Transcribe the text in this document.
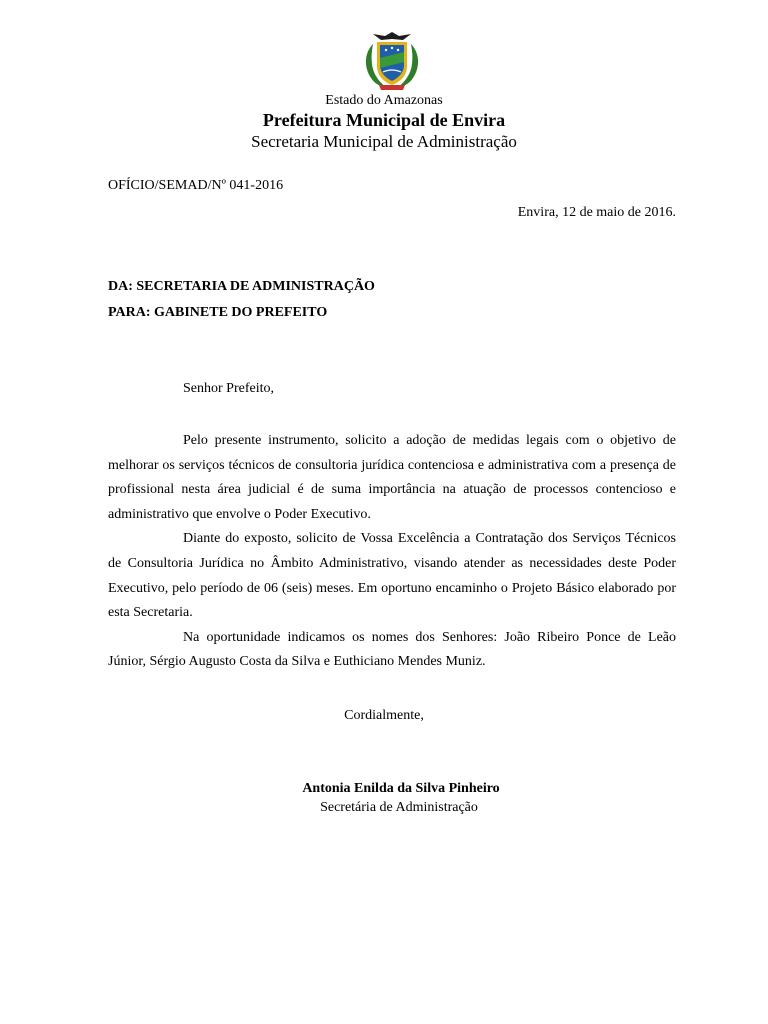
Estado do Amazonas
Prefeitura Municipal de Envira
Secretaria Municipal de Administração
OFÍCIO/SEMAD/Nº 041-2016
Envira, 12 de maio de 2016.
DA: SECRETARIA DE ADMINISTRAÇÃO
PARA: GABINETE DO PREFEITO
Senhor Prefeito,

Pelo presente instrumento, solicito a adoção de medidas legais com o objetivo de melhorar os serviços técnicos de consultoria jurídica contenciosa e administrativa com a presença de profissional nesta área judicial é de suma importância na atuação de processos contencioso e administrativo que envolve o Poder Executivo.

Diante do exposto, solicito de Vossa Excelência a Contratação dos Serviços Técnicos de Consultoria Jurídica no Âmbito Administrativo, visando atender as necessidades deste Poder Executivo, pelo período de 06 (seis) meses. Em oportuno encaminho o Projeto Básico elaborado por esta Secretaria.

Na oportunidade indicamos os nomes dos Senhores: João Ribeiro Ponce de Leão Júnior, Sérgio Augusto Costa da Silva e Euthiciano Mendes Muniz.

Cordialmente,
Antonia Enilda da Silva Pinheiro
Secretária de Administração
